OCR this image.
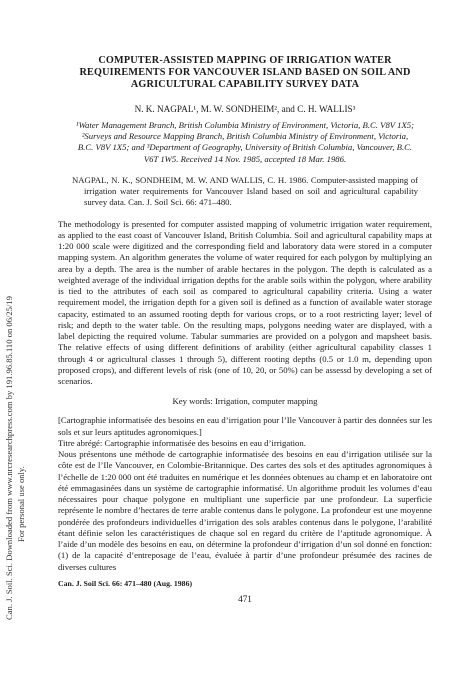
Can. J. Soil. Sci. Downloaded from www.nrcresearchpress.com by 191.96.85.110 on 06/25/19 For personal use only.
COMPUTER-ASSISTED MAPPING OF IRRIGATION WATER REQUIREMENTS FOR VANCOUVER ISLAND BASED ON SOIL AND AGRICULTURAL CAPABILITY SURVEY DATA
N. K. NAGPAL¹, M. W. SONDHEIM², and C. H. WALLIS³
¹Water Management Branch, British Columbia Ministry of Environment, Victoria, B.C. V8V 1X5; ²Surveys and Resource Mapping Branch, British Columbia Ministry of Environment, Victoria, B.C. V8V 1X5; and ³Department of Geography, University of British Columbia, Vancouver, B.C. V6T 1W5. Received 14 Nov. 1985, accepted 18 Mar. 1986.
NAGPAL, N. K., SONDHEIM, M. W. AND WALLIS, C. H. 1986. Computer-assisted mapping of irrigation water requirements for Vancouver Island based on soil and agricultural capability survey data. Can. J. Soil Sci. 66: 471–480.
The methodology is presented for computer assisted mapping of volumetric irrigation water requirement, as applied to the east coast of Vancouver Island, British Columbia. Soil and agricultural capability maps at 1:20 000 scale were digitized and the corresponding field and laboratory data were stored in a computer mapping system. An algorithm generates the volume of water required for each polygon by multiplying an area by a depth. The area is the number of arable hectares in the polygon. The depth is calculated as a weighted average of the individual irrigation depths for the arable soils within the polygon, where arability is tied to the attributes of each soil as compared to agricultural capability criteria. Using a water requirement model, the irrigation depth for a given soil is defined as a function of available water storage capacity, estimated to an assumed rooting depth for various crops, or to a root restricting layer; level of risk; and depth to the water table. On the resulting maps, polygons needing water are displayed, with a label depicting the required volume. Tabular summaries are provided on a polygon and mapsheet basis. The relative effects of using different definitions of arability (either agricultural capability classes 1 through 4 or agricultural classes 1 through 5), different rooting depths (0.5 or 1.0 m, depending upon proposed crops), and different levels of risk (one of 10, 20, or 50%) can be assessd by developing a set of scenarios.
Key words: Irrigation, computer mapping

[Cartographie informatisée des besoins en eau d’irrigation pour l’Ile Vancouver à partir des données sur les sols et sur leurs aptitudes agronomiques.]

Titre abrégé: Cartographie informatisée des besoins en eau d’irrigation.

Nous présentons une méthode de cartographie informatisée des besoins en eau d’irrigation utilisée sur la côte est de l’Ile Vancouver, en Colombie-Britannique. Des cartes des sols et des aptitudes agronomiques à l’échelle de 1:20 000 ont été traduites en numérique et les données obtenues au champ et en laboratoire ont été emmagasinées dans un système de cartographie informatisé. Un algorithme produit les volumes d’eau nécessaires pour chaque polygone en multipliant une superficie par une profondeur. La superficie représente le nombre d’hectares de terre arable contenus dans le polygone. La profondeur est une moyenne pondérée des profondeurs individuelles d’irrigation des sols arables contenus dans le polygone, l’arabilité étant définie selon les caractéristiques de chaque sol en regard du critère de l’aptitude agronomique. À l’aide d’un modèle des besoins en eau, on détermine la profondeur d’irrigation d’un sol donné en fonction: (1) de la capacité d’entreposage de l’eau, évaluée à partir d’une profondeur présumée des racines de diverses cultures

Can. J. Soil Sci. 66: 471–480 (Aug. 1986)
471
